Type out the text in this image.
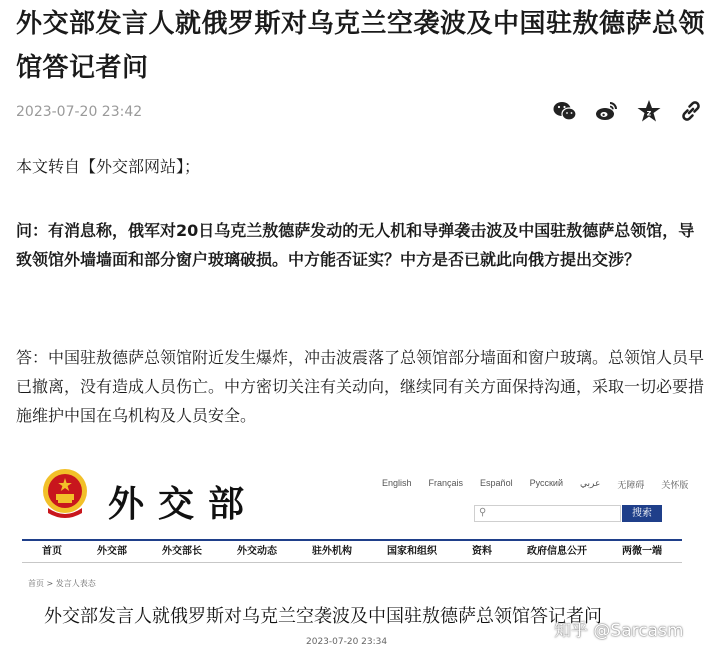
外交部发言人就俄罗斯对乌克兰空袭波及中国驻敖德萨总领馆答记者问
2023-07-20 23:42	z

本文转自【外交部网站】；

问：有消息称，俄军对20日乌克兰敖德萨发动的无人机和导弹袭击波及中国驻敖德萨总领馆，导致领馆外墙墙面和部分窗户玻璃破损。中方能否证实？中方是否已就此向俄方提出交涉？

答：中国驻敖德萨总领馆附近发生爆炸，冲击波震落了总领馆部分墙面和窗户玻璃。总领馆人员早已撤离，没有造成人员伤亡。中方密切关注有关动向，继续同有关方面保持沟通，采取一切必要措施维护中国在乌机构及人员安全。

外交部	English Français Español Русский عربي 无障碍 关怀版
⚲	搜索
首页	外交部	外交部长	外交动态	驻外机构	国家和组织	资料	政府信息公开	两微一端
首页 > 发言人表态
外交部发言人就俄罗斯对乌克兰空袭波及中国驻敖德萨总领馆答记者问
2023-07-20 23:34
知乎 @Sarcasm
